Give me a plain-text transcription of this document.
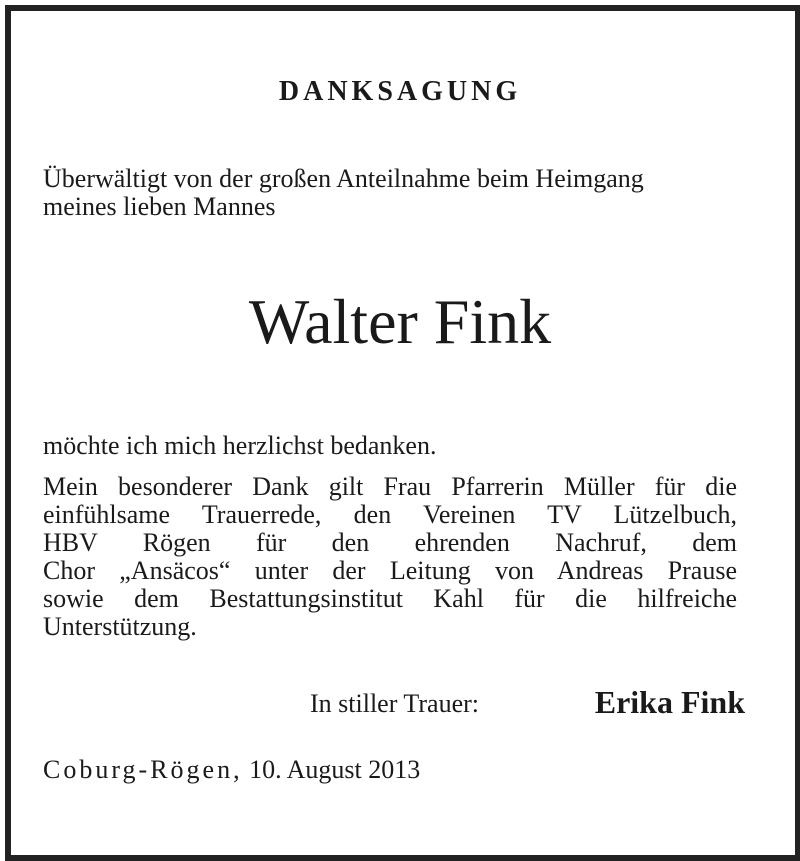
DANKSAGUNG

Überwältigt von der großen Anteilnahme beim Heimgang
meines lieben Mannes

Walter Fink

möchte ich mich herzlichst bedanken.

Mein besonderer Dank gilt Frau Pfarrerin Müller für die
einfühlsame Trauerrede, den Vereinen TV Lützelbuch,
HBV Rögen für den ehrenden Nachruf, dem
Chor „Ansäcos“ unter der Leitung von Andreas Prause
sowie dem Bestattungsinstitut Kahl für die hilfreiche
Unterstützung.

In stiller Trauer:	Erika Fink
Coburg-Rögen, 10. August 2013
